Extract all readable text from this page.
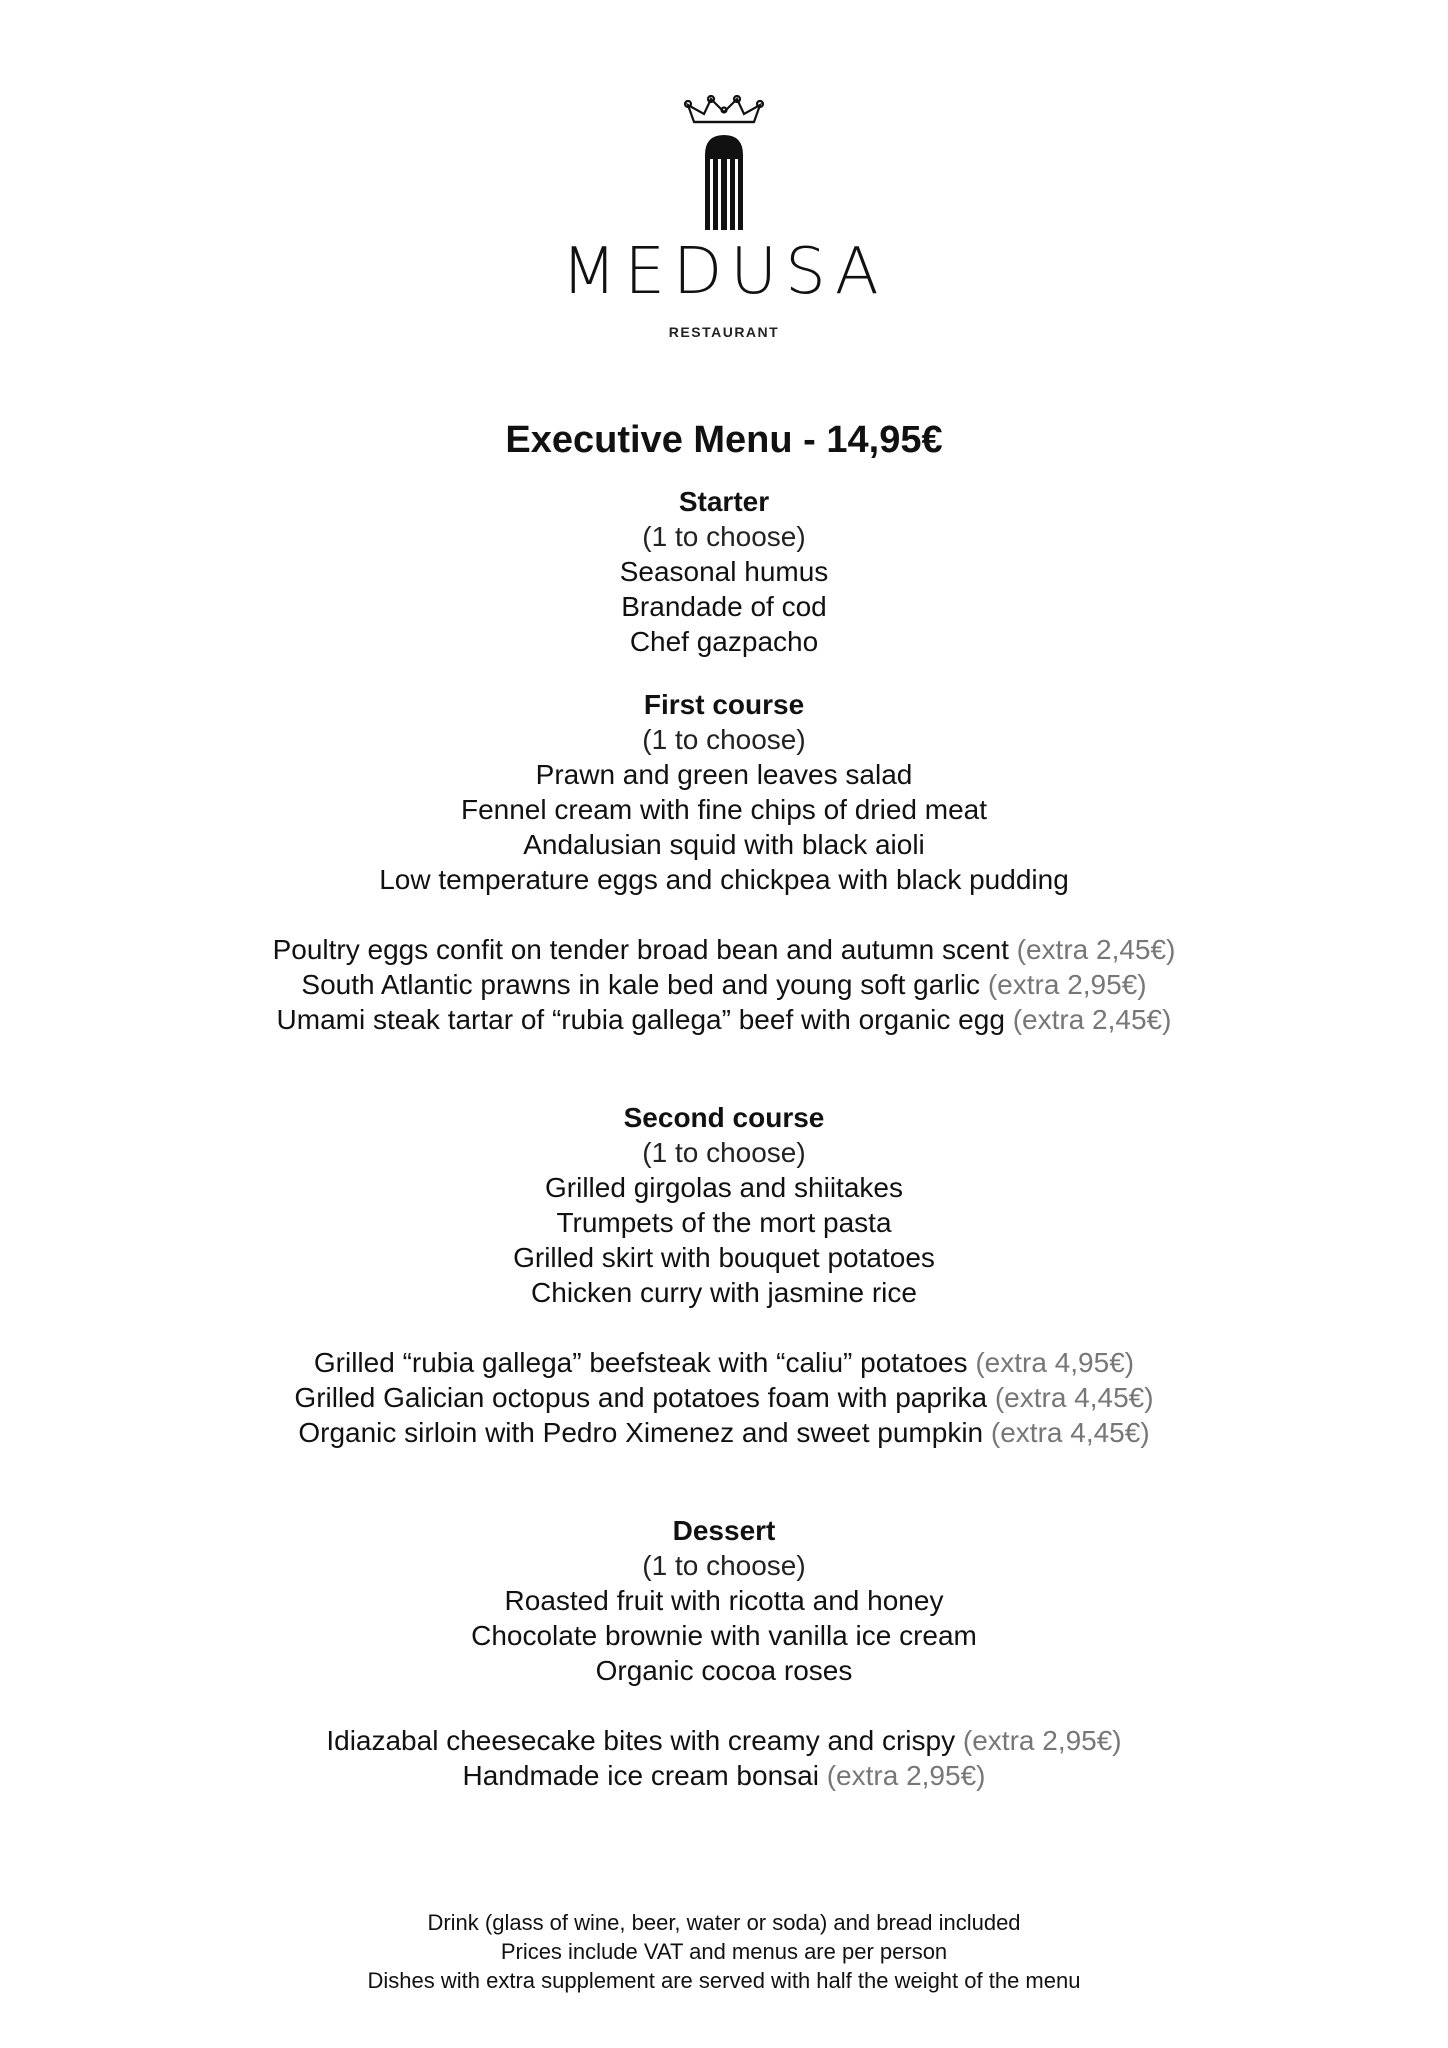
MEDUSA
RESTAURANT
Executive Menu - 14,95€
Starter
(1 to choose)
Seasonal humus
Brandade of cod
Chef gazpacho
First course
(1 to choose)
Prawn and green leaves salad
Fennel cream with fine chips of dried meat
Andalusian squid with black aioli
Low temperature eggs and chickpea with black pudding
Poultry eggs confit on tender broad bean and autumn scent (extra 2,45€)
South Atlantic prawns in kale bed and young soft garlic (extra 2,95€)
Umami steak tartar of “rubia gallega” beef with organic egg (extra 2,45€)
Second course
(1 to choose)
Grilled girgolas and shiitakes
Trumpets of the mort pasta
Grilled skirt with bouquet potatoes
Chicken curry with jasmine rice
Grilled “rubia gallega” beefsteak with “caliu” potatoes (extra 4,95€)
Grilled Galician octopus and potatoes foam with paprika (extra 4,45€)
Organic sirloin with Pedro Ximenez and sweet pumpkin (extra 4,45€)
Dessert
(1 to choose)
Roasted fruit with ricotta and honey
Chocolate brownie with vanilla ice cream
Organic cocoa roses
Idiazabal cheesecake bites with creamy and crispy (extra 2,95€)
Handmade ice cream bonsai (extra 2,95€)
Drink (glass of wine, beer, water or soda) and bread included
Prices include VAT and menus are per person
Dishes with extra supplement are served with half the weight of the menu
